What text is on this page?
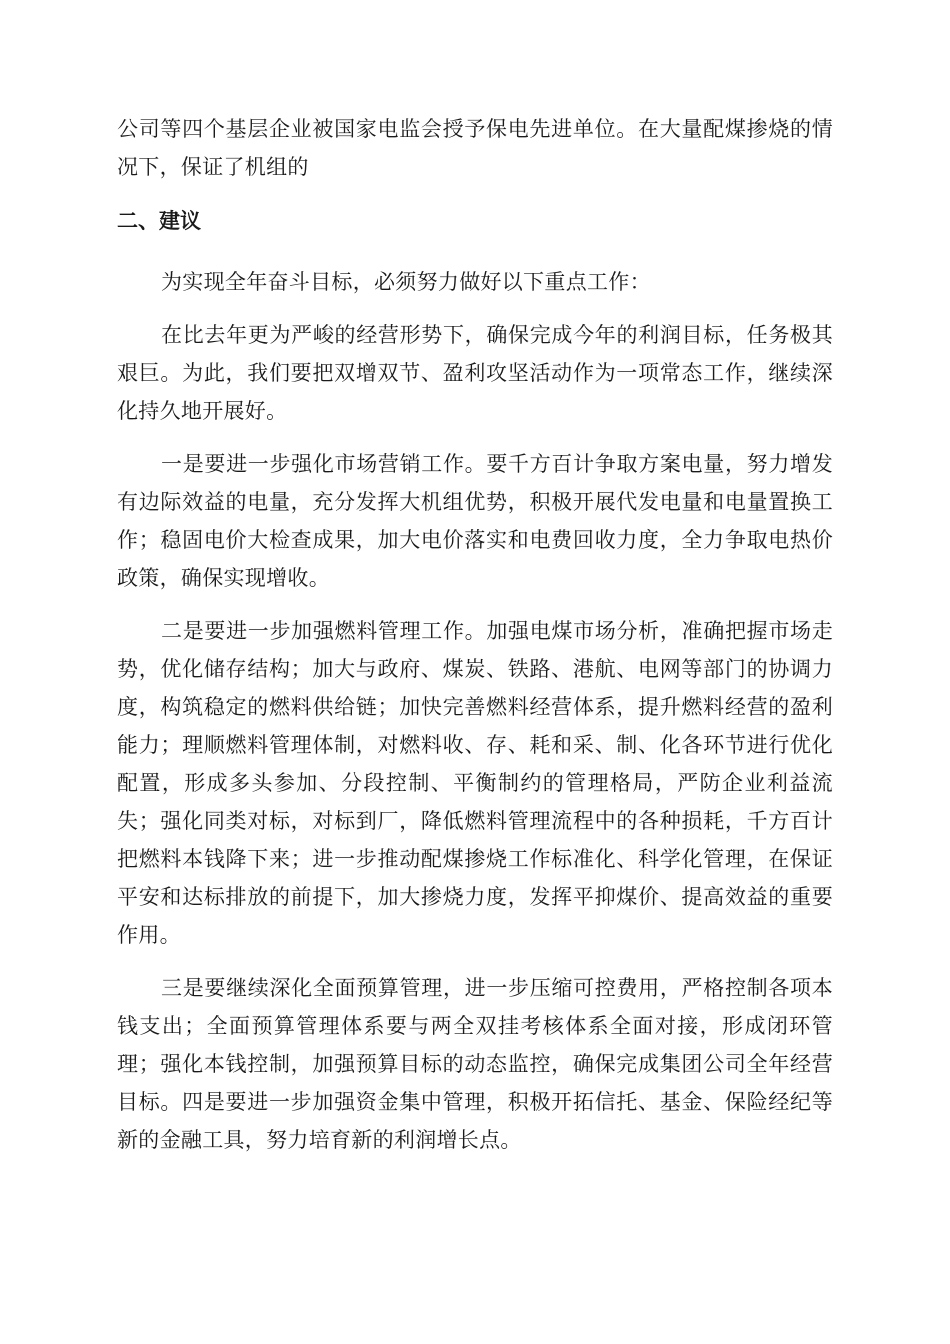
公司等四个基层企业被国家电监会授予保电先进单位。在大量配煤掺烧的情况下，保证了机组的

二、建议

为实现全年奋斗目标，必须努力做好以下重点工作：

在比去年更为严峻的经营形势下，确保完成今年的利润目标，任务极其艰巨。为此，我们要把双增双节、盈利攻坚活动作为一项常态工作，继续深化持久地开展好。

一是要进一步强化市场营销工作。要千方百计争取方案电量，努力增发有边际效益的电量，充分发挥大机组优势，积极开展代发电量和电量置换工作；稳固电价大检查成果，加大电价落实和电费回收力度，全力争取电热价政策，确保实现增收。

二是要进一步加强燃料管理工作。加强电煤市场分析，准确把握市场走势，优化储存结构；加大与政府、煤炭、铁路、港航、电网等部门的协调力度，构筑稳定的燃料供给链；加快完善燃料经营体系，提升燃料经营的盈利能力；理顺燃料管理体制，对燃料收、存、耗和采、制、化各环节进行优化配置，形成多头参加、分段控制、平衡制约的管理格局，严防企业利益流失；强化同类对标，对标到厂，降低燃料管理流程中的各种损耗，千方百计把燃料本钱降下来；进一步推动配煤掺烧工作标准化、科学化管理，在保证平安和达标排放的前提下，加大掺烧力度，发挥平抑煤价、提高效益的重要作用。

三是要继续深化全面预算管理，进一步压缩可控费用，严格控制各项本钱支出；全面预算管理体系要与两全双挂考核体系全面对接，形成闭环管理；强化本钱控制，加强预算目标的动态监控，确保完成集团公司全年经营目标。四是要进一步加强资金集中管理，积极开拓信托、基金、保险经纪等新的金融工具，努力培育新的利润增长点。
